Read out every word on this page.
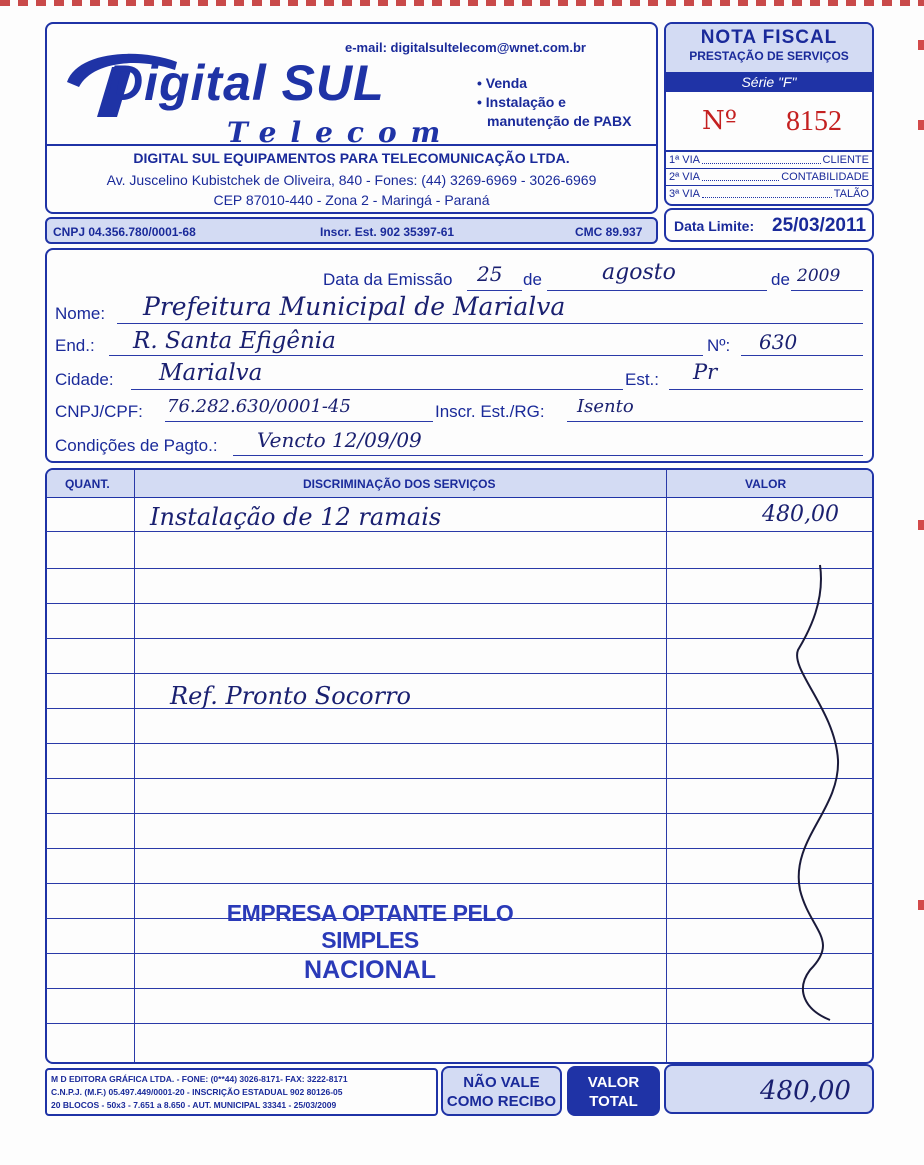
e-mail: digitalsultelecom@wnet.com.br
Digital SUL
Telecom
• Venda
• Instalação e
manutenção de PABX
DIGITAL SUL EQUIPAMENTOS PARA TELECOMUNICAÇÃO LTDA.
Av. Juscelino Kubistchek de Oliveira, 840 - Fones: (44) 3269-6969 - 3026-6969
CEP 87010-440 - Zona 2 - Maringá - Paraná
CNPJ 04.356.780/0001-68	Inscr. Est. 902 35397-61	CMC 89.937
NOTA FISCAL
PRESTAÇÃO DE SERVIÇOS
Série "F"
Nº 8152
1ª VIA	CLIENTE
2ª VIA	CONTABILIDADE
3ª VIA	TALÃO
Data Limite: 25/03/2011
Data da Emissão 25 de	agosto	de 2009
Nome: Prefeitura Municipal de Marialva
End.: R. Santa Efigênia	Nº: 630
Cidade: Marialva	Est.: Pr
CNPJ/CPF: 76.282.630/0001-45	Inscr. Est./RG: Isento
Condições de Pagto.: Vencto 12/09/09
QUANT.	DISCRIMINAÇÃO DOS SERVIÇOS	VALOR
Instalação de 12 ramais	480,00
Ref. Pronto Socorro
EMPRESA OPTANTE PELO SIMPLES
NACIONAL
M D EDITORA GRÁFICA LTDA. - FONE: (0**44) 3026-8171- FAX: 3222-8171
C.N.P.J. (M.F.) 05.497.449/0001-20 - INSCRIÇÃO ESTADUAL 902 80126-05
20 BLOCOS - 50x3 - 7.651 a 8.650 - AUT. MUNICIPAL 33341 - 25/03/2009
NÃO VALE
COMO RECIBO
VALOR
TOTAL	480,00
